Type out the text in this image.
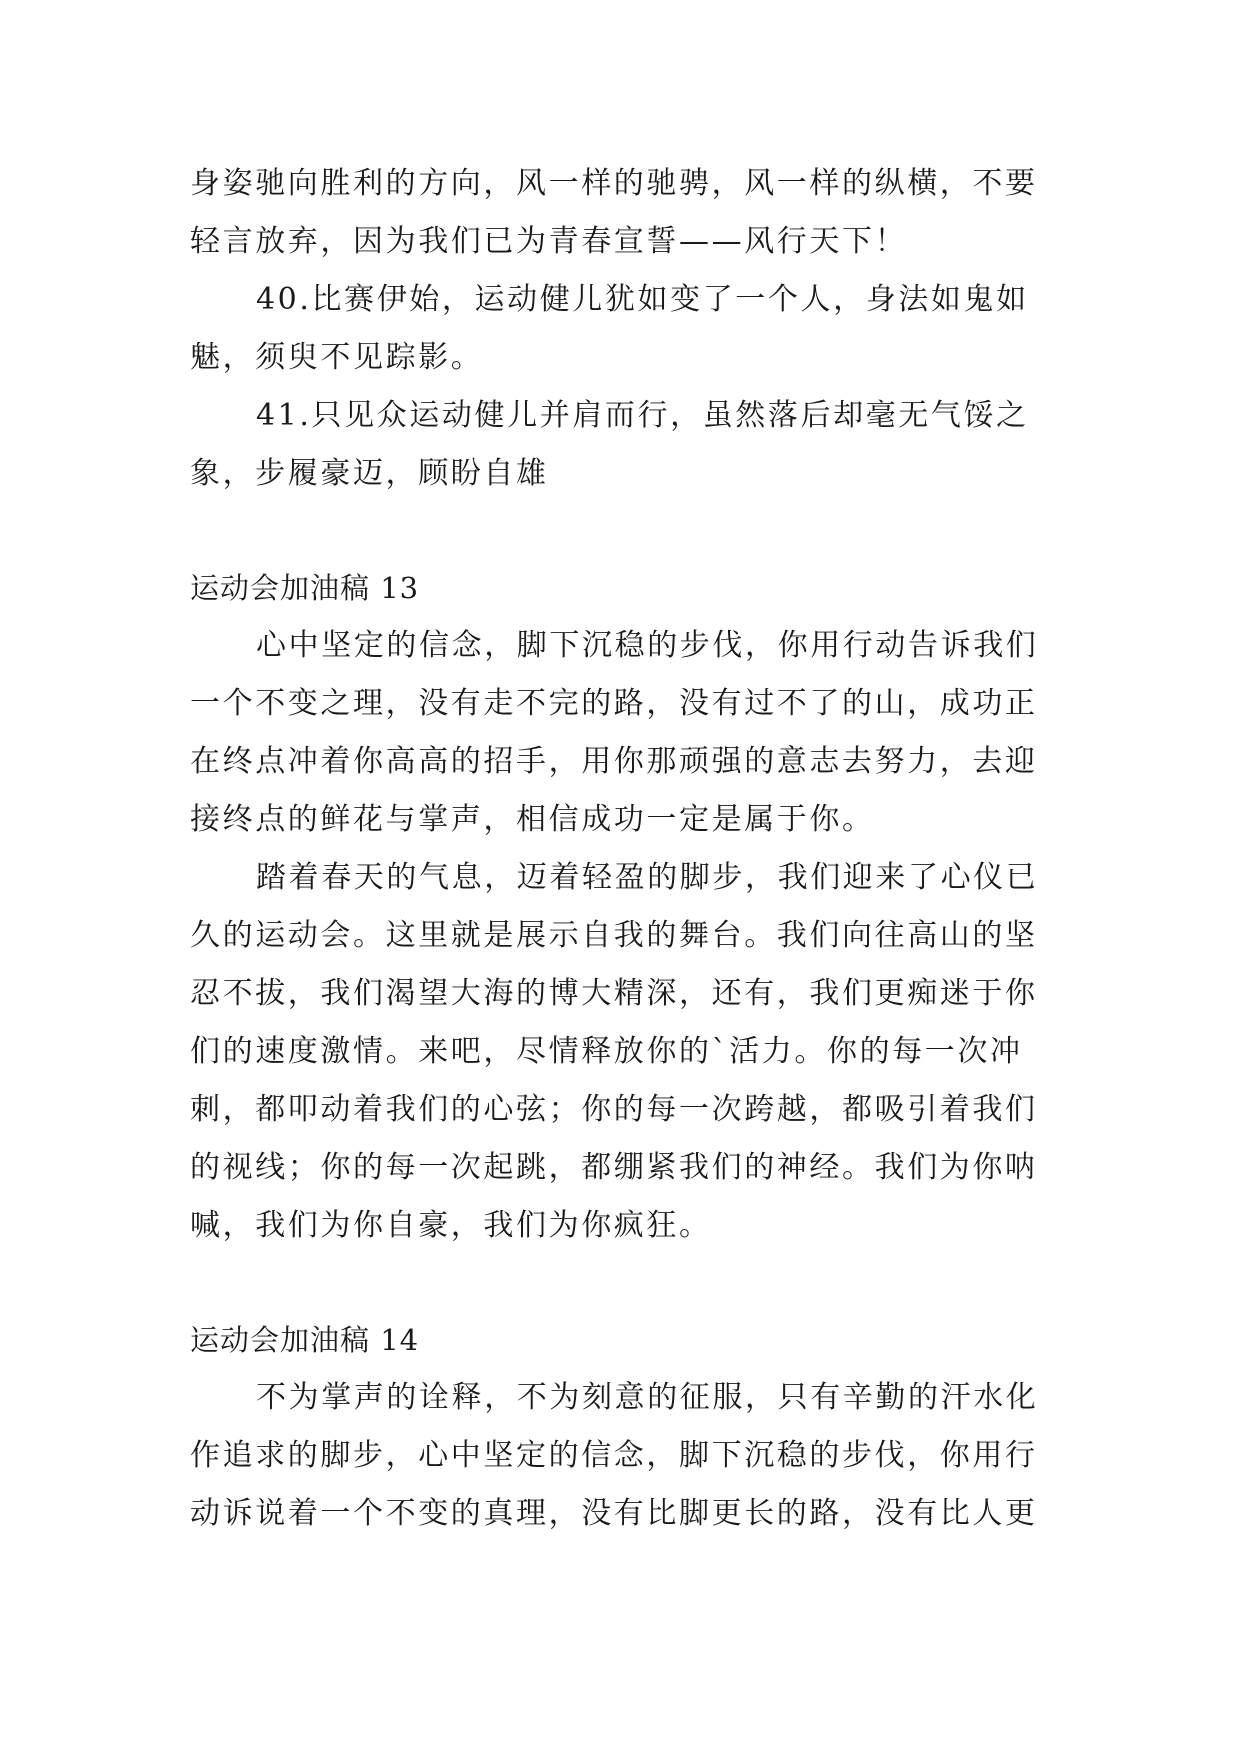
身姿驰向胜利的方向，风一样的驰骋，风一样的纵横，不要
轻言放弃，因为我们已为青春宣誓——风行天下！
40.比赛伊始，运动健儿犹如变了一个人，身法如鬼如
魅，须臾不见踪影。
41.只见众运动健儿并肩而行，虽然落后却毫无气馁之
象，步履豪迈，顾盼自雄
运动会加油稿 13
心中坚定的信念，脚下沉稳的步伐，你用行动告诉我们
一个不变之理，没有走不完的路，没有过不了的山，成功正
在终点冲着你高高的招手，用你那顽强的意志去努力，去迎
接终点的鲜花与掌声，相信成功一定是属于你。
踏着春天的气息，迈着轻盈的脚步，我们迎来了心仪已
久的运动会。这里就是展示自我的舞台。我们向往高山的坚
忍不拔，我们渴望大海的博大精深，还有，我们更痴迷于你
们的速度激情。来吧，尽情释放你的`活力。你的每一次冲
刺，都叩动着我们的心弦；你的每一次跨越，都吸引着我们
的视线；你的每一次起跳，都绷紧我们的神经。我们为你呐
喊，我们为你自豪，我们为你疯狂。
运动会加油稿 14
不为掌声的诠释，不为刻意的征服，只有辛勤的汗水化
作追求的脚步，心中坚定的信念，脚下沉稳的步伐，你用行
动诉说着一个不变的真理，没有比脚更长的路，没有比人更
